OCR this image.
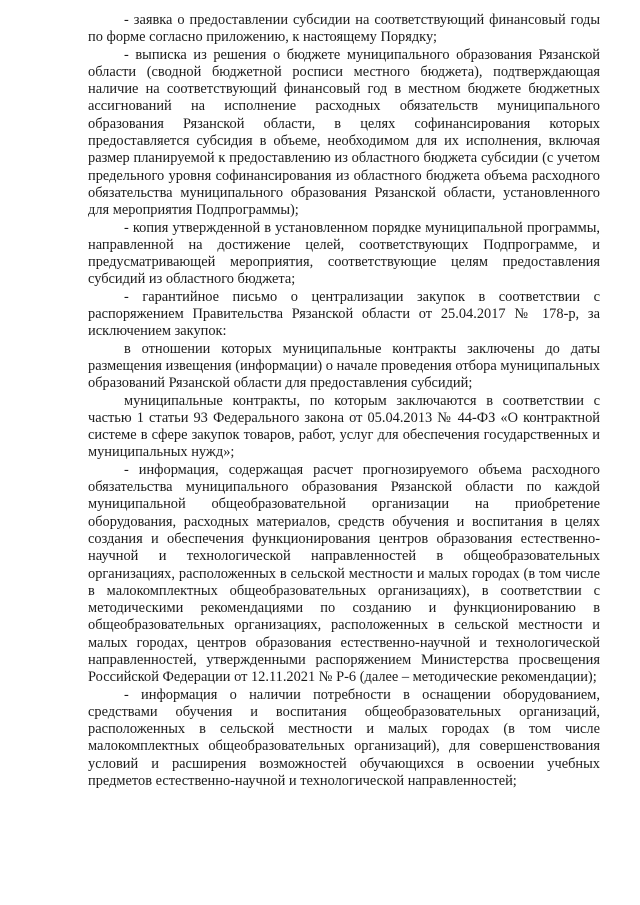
- заявка о предоставлении субсидии на соответствующий финансовый годы по форме согласно приложению, к настоящему Порядку;

- выписка из решения о бюджете муниципального образования Рязанской области (сводной бюджетной росписи местного бюджета), подтверждающая наличие на соответствующий финансовый год в местном бюджете бюджетных ассигнований на исполнение расходных обязательств муниципального образования Рязанской области, в целях софинансирования которых предоставляется субсидия в объеме, необходимом для их исполнения, включая размер планируемой к предоставлению из областного бюджета субсидии (с учетом предельного уровня софинансирования из областного бюджета объема расходного обязательства муниципального образования Рязанской области, установленного для мероприятия Подпрограммы);

- копия утвержденной в установленном порядке муниципальной программы, направленной на достижение целей, соответствующих Подпрограмме, и предусматривающей мероприятия, соответствующие целям предоставления субсидий из областного бюджета;

- гарантийное письмо о централизации закупок в соответствии с распоряжением Правительства Рязанской области от 25.04.2017 № 178-р, за исключением закупок:

в отношении которых муниципальные контракты заключены до даты размещения извещения (информации) о начале проведения отбора муниципальных образований Рязанской области для предоставления субсидий;

муниципальные контракты, по которым заключаются в соответствии с частью 1 статьи 93 Федерального закона от 05.04.2013 № 44-ФЗ «О контрактной системе в сфере закупок товаров, работ, услуг для обеспечения государственных и муниципальных нужд»;

- информация, содержащая расчет прогнозируемого объема расходного обязательства муниципального образования Рязанской области по каждой муниципальной общеобразовательной организации на приобретение оборудования, расходных материалов, средств обучения и воспитания в целях создания и обеспечения функционирования центров образования естественно-научной и технологической направленностей в общеобразовательных организациях, расположенных в сельской местности и малых городах (в том числе в малокомплектных общеобразовательных организациях), в соответствии с методическими рекомендациями по созданию и функционированию в общеобразовательных организациях, расположенных в сельской местности и малых городах, центров образования естественно-научной и технологической направленностей, утвержденными распоряжением Министерства просвещения Российской Федерации от 12.11.2021 № Р-6 (далее – методические рекомендации);

- информация о наличии потребности в оснащении оборудованием, средствами обучения и воспитания общеобразовательных организаций, расположенных в сельской местности и малых городах (в том числе малокомплектных общеобразовательных организаций), для совершенствования условий и расширения возможностей обучающихся в освоении учебных предметов естественно-научной и технологической направленностей;
